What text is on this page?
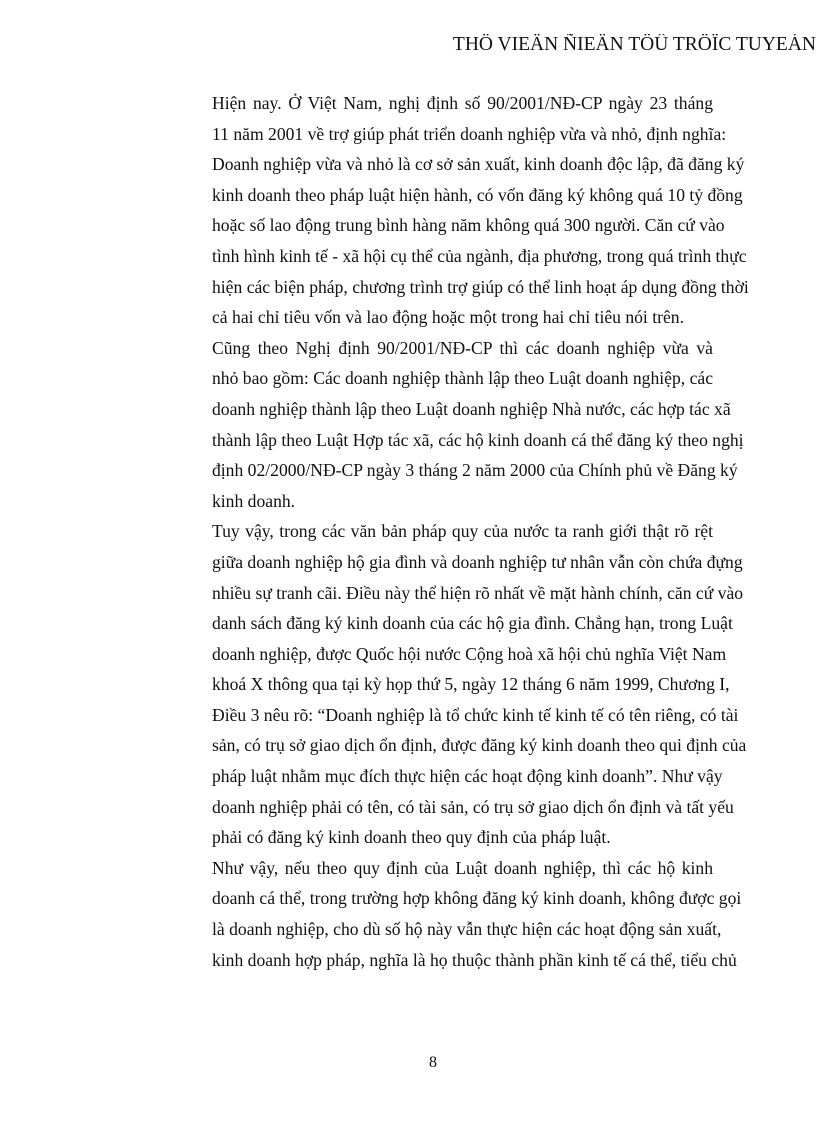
THÖ VIEÄN ÑIEÄN TÖÛ TRÖÏC TUYEÁN

Hiện nay. Ở Việt Nam, nghị định số 90/2001/NĐ-CP ngày 23 tháng
11 năm 2001 về trợ giúp phát triển doanh nghiệp vừa và nhỏ, định nghĩa:
Doanh nghiệp vừa và nhỏ là cơ sở sản xuất, kinh doanh độc lập, đã đăng ký
kinh doanh theo pháp luật hiện hành, có vốn đăng ký không quá 10 tỷ đồng
hoặc số lao động trung bình hàng năm không quá 300 người. Căn cứ vào
tình hình kinh tế - xã hội cụ thể của ngành, địa phương, trong quá trình thực
hiện các biện pháp, chương trình trợ giúp có thể linh hoạt áp dụng đồng thời
cả hai chỉ tiêu vốn và lao động hoặc một trong hai chỉ tiêu nói trên.

Cũng theo Nghị định 90/2001/NĐ-CP thì các doanh nghiệp vừa và
nhỏ bao gồm: Các doanh nghiệp thành lập theo Luật doanh nghiệp, các
doanh nghiệp thành lập theo Luật doanh nghiệp Nhà nước, các hợp tác xã
thành lập theo Luật Hợp tác xã, các hộ kinh doanh cá thể đăng ký theo nghị
định 02/2000/NĐ-CP ngày 3 tháng 2 năm 2000 của Chính phủ về Đăng ký
kinh doanh.

Tuy vậy, trong các văn bản pháp quy của nước ta ranh giới thật rõ rệt
giữa doanh nghiệp hộ gia đình và doanh nghiệp tư nhân vẫn còn chứa đựng
nhiều sự tranh cãi. Điều này thể hiện rõ nhất về mặt hành chính, căn cứ vào
danh sách đăng ký kinh doanh của các hộ gia đình. Chẳng hạn, trong Luật
doanh nghiệp, được Quốc hội nước Cộng hoà xã hội chủ nghĩa Việt Nam
khoá X thông qua tại kỳ họp thứ 5, ngày 12 tháng 6 năm 1999, Chương I,
Điều 3 nêu rõ: “Doanh nghiệp là tổ chức kinh tế kinh tế có tên riêng, có tài
sản, có trụ sở giao dịch ổn định, được đăng ký kinh doanh theo qui định của
pháp luật nhằm mục đích thực hiện các hoạt động kinh doanh”. Như vậy
doanh nghiệp phải có tên, có tài sản, có trụ sở giao dịch ổn định và tất yếu
phải có đăng ký kinh doanh theo quy định của pháp luật.

Như vậy, nếu theo quy định của Luật doanh nghiệp, thì các hộ kinh
doanh cá thể, trong trường hợp không đăng ký kinh doanh, không được gọi
là doanh nghiệp, cho dù số hộ này vẫn thực hiện các hoạt động sản xuất,
kinh doanh hợp pháp, nghĩa là họ thuộc thành phần kinh tế cá thể, tiểu chủ

8
